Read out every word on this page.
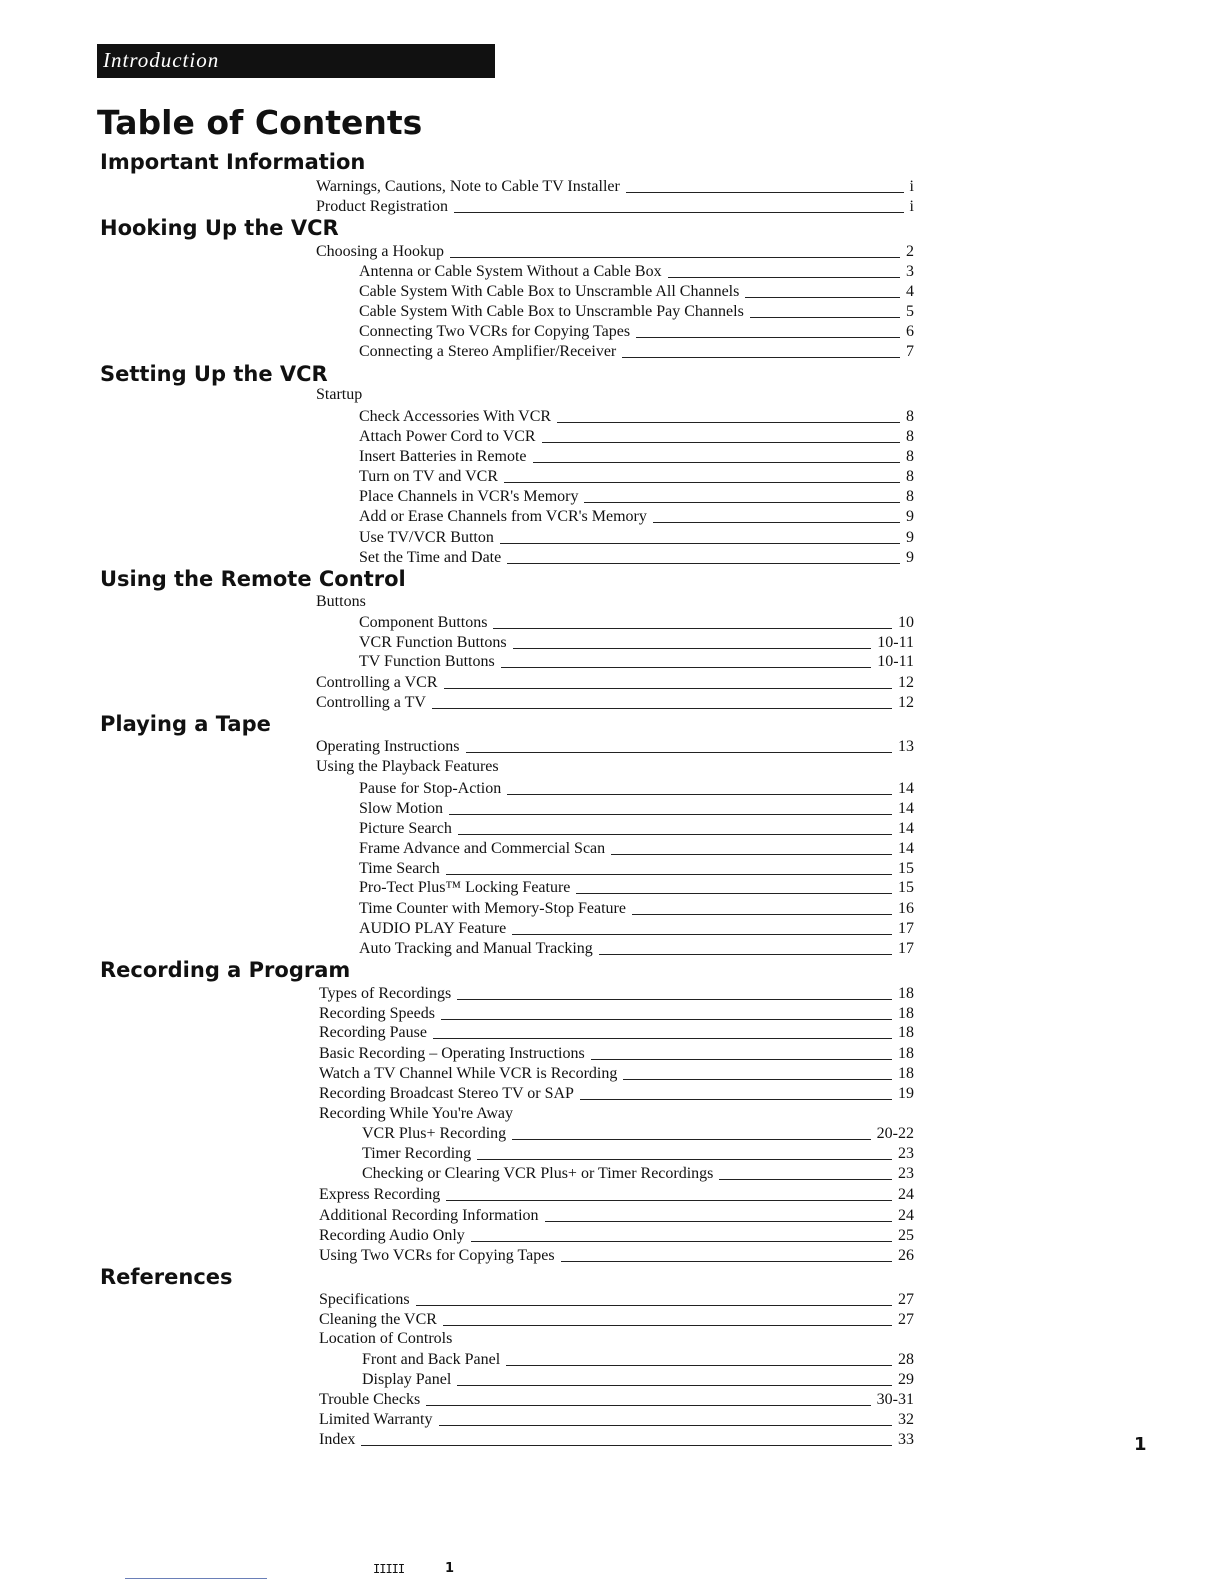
Introduction
Table of Contents
Important Information
Warnings, Cautions, Note to Cable TV Installer	i
Product Registration	i
Hooking Up the VCR
Choosing a Hookup	2
Antenna or Cable System Without a Cable Box	3
Cable System With Cable Box to Unscramble All Channels	4
Cable System With Cable Box to Unscramble Pay Channels	5
Connecting Two VCRs for Copying Tapes	6
Connecting a Stereo Amplifier/Receiver	7
Setting Up the VCR
Startup
Check Accessories With VCR	8
Attach Power Cord to VCR	8
Insert Batteries in Remote	8
Turn on TV and VCR	8
Place Channels in VCR's Memory	8
Add or Erase Channels from VCR's Memory	9
Use TV/VCR Button	9
Set the Time and Date	9
Using the Remote Control
Buttons
Component Buttons	10
VCR Function Buttons	10-11
TV Function Buttons	10-11
Controlling a VCR	12
Controlling a TV	12
Playing a Tape
Operating Instructions	13
Using the Playback Features
Pause for Stop-Action	14
Slow Motion	14
Picture Search	14
Frame Advance and Commercial Scan	14
Time Search	15
Pro-Tect Plus™ Locking Feature	15
Time Counter with Memory-Stop Feature	16
AUDIO PLAY Feature	17
Auto Tracking and Manual Tracking	17
Recording a Program
Types of Recordings	18
Recording Speeds	18
Recording Pause	18
Basic Recording – Operating Instructions	18
Watch a TV Channel While VCR is Recording	18
Recording Broadcast Stereo TV or SAP	19
Recording While You're Away
VCR Plus+ Recording	20-22
Timer Recording	23
Checking or Clearing VCR Plus+ or Timer Recordings	23
Express Recording	24
Additional Recording Information	24
Recording Audio Only	25
Using Two VCRs for Copying Tapes	26
References
Specifications	27
Cleaning the VCR	27
Location of Controls
Front and Back Panel	28
Display Panel	29
Trouble Checks	30-31
Limited Warranty	32
Index	33	1
IIIII	1
